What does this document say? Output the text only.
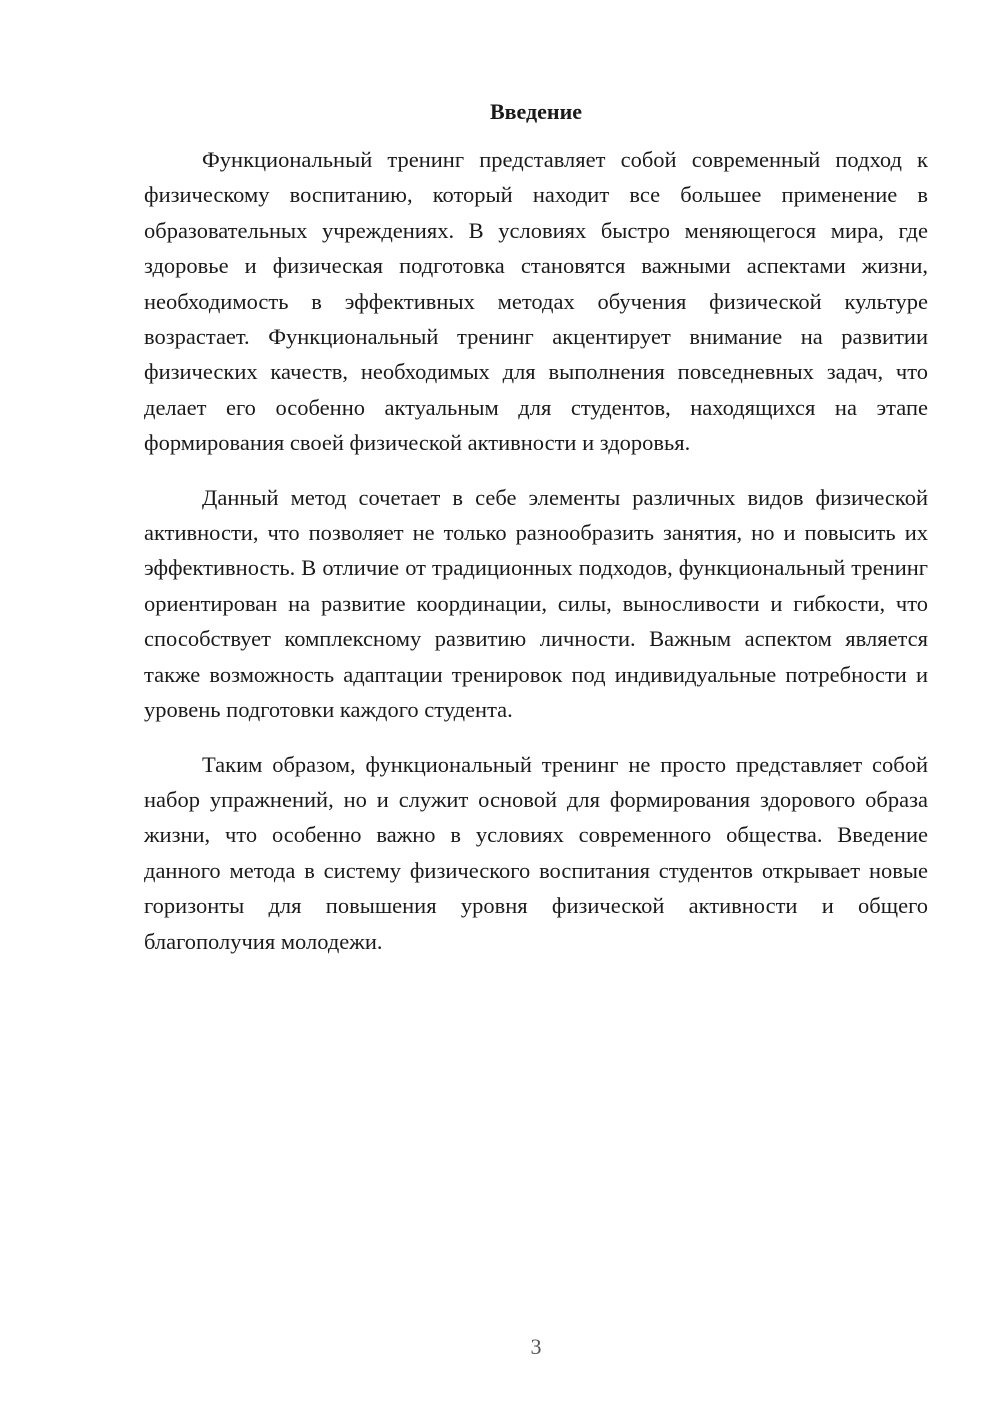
Введение

Функциональный тренинг представляет собой современный подход к физическому воспитанию, который находит все большее применение в образовательных учреждениях. В условиях быстро меняющегося мира, где здоровье и физическая подготовка становятся важными аспектами жизни, необходимость в эффективных методах обучения физической культуре возрастает. Функциональный тренинг акцентирует внимание на развитии физических качеств, необходимых для выполнения повседневных задач, что делает его особенно актуальным для студентов, находящихся на этапе формирования своей физической активности и здоровья.

Данный метод сочетает в себе элементы различных видов физической активности, что позволяет не только разнообразить занятия, но и повысить их эффективность. В отличие от традиционных подходов, функциональный тренинг ориентирован на развитие координации, силы, выносливости и гибкости, что способствует комплексному развитию личности. Важным аспектом является также возможность адаптации тренировок под индивидуальные потребности и уровень подготовки каждого студента.

Таким образом, функциональный тренинг не просто представляет собой набор упражнений, но и служит основой для формирования здорового образа жизни, что особенно важно в условиях современного общества. Введение данного метода в систему физического воспитания студентов открывает новые горизонты для повышения уровня физической активности и общего благополучия молодежи.

3
